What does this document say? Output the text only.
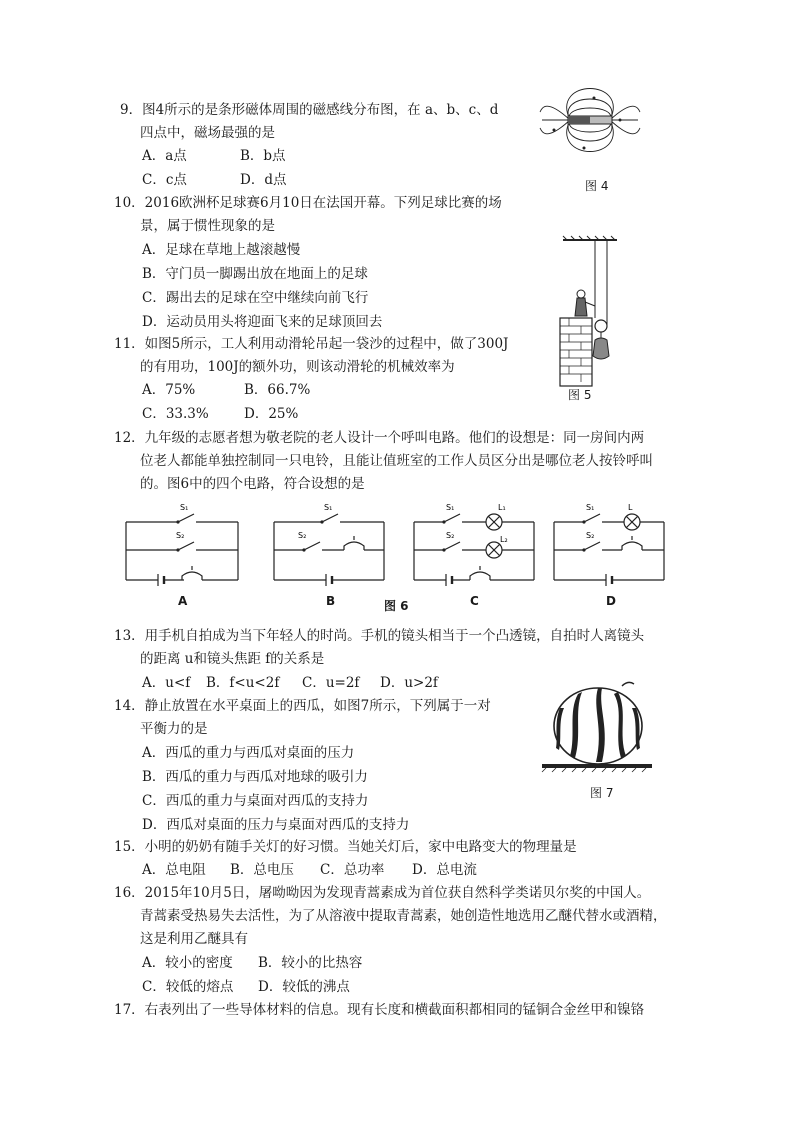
9．图4所示的是条形磁体周围的磁感线分布图，在 a、b、c、d
四点中，磁场最强的是
A．a点	B．b点
C．c点	D．d点	图 4
10．2016欧洲杯足球赛6月10日在法国开幕。下列足球比赛的场
景，属于惯性现象的是
A．足球在草地上越滚越慢
B．守门员一脚踢出放在地面上的足球
C．踢出去的足球在空中继续向前飞行
D．运动员用头将迎面飞来的足球顶回去
图 5
11．如图5所示，工人利用动滑轮吊起一袋沙的过程中，做了300J
的有用功，100J的额外功，则该动滑轮的机械效率为
A．75%	B．66.7%
C．33.3%	D．25%
12．九年级的志愿者想为敬老院的老人设计一个呼叫电路。他们的设想是：同一房间内两
位老人都能单独控制同一只电铃，且能让值班室的工作人员区分出是哪位老人按铃呼叫
的。图6中的四个电路，符合设想的是
S₁
S₂
A
S₁
S₂
B	图 6
S₁
S₂
L₁
L₂
C
S₁
S₂
L
D
13．用手机自拍成为当下年轻人的时尚。手机的镜头相当于一个凸透镜，自拍时人离镜头
的距离 u和镜头焦距 f的关系是
A．u<f B．f<u<2f C．u=2f D．u>2f
14．静止放置在水平桌面上的西瓜，如图7所示，下列属于一对
平衡力的是
A．西瓜的重力与西瓜对桌面的压力
B．西瓜的重力与西瓜对地球的吸引力
C．西瓜的重力与桌面对西瓜的支持力
D．西瓜对桌面的压力与桌面对西瓜的支持力
图 7
15．小明的奶奶有随手关灯的好习惯。当她关灯后，家中电路变大的物理量是
A．总电阻 B．总电压 C．总功率 D．总电流
16．2015年10月5日，屠呦呦因为发现青蒿素成为首位获自然科学类诺贝尔奖的中国人。
青蒿素受热易失去活性，为了从溶液中提取青蒿素，她创造性地选用乙醚代替水或酒精，
这是利用乙醚具有
A．较小的密度 B．较小的比热容
C．较低的熔点 D．较低的沸点
17．右表列出了一些导体材料的信息。现有长度和横截面积都相同的锰铜合金丝甲和镍铬
